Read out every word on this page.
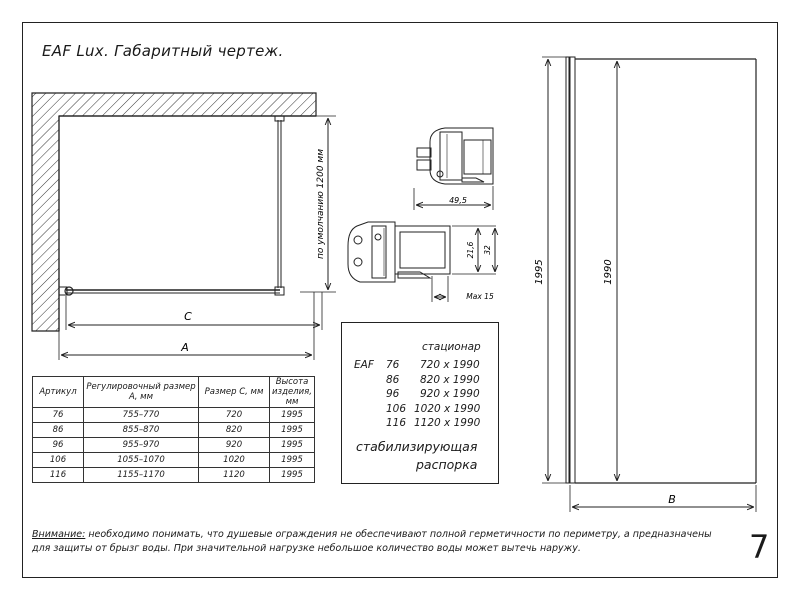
EAF Lux. Габаритный чертеж.
C
A
по умолчанию 1200 мм	49,5
21,6 32
Max 15
1995	1990
B
Артикул	Регулировочный размер А, мм	Размер C, мм	Высота изделия, мм
76	755–770	720	1995
86	855–870	820	1995
96	955–970	920	1995
106	1055–1070	1020	1995
116	1155–1170	1120	1995
стационар
EAF 76 720 x 1990
86 820 x 1990
96 920 x 1990
106 1020 x 1990
116 1120 x 1990
стабилизирующая
распорка
Внимание: необходимо понимать, что душевые ограждения не обеспечивают полной герметичности по периметру, а предназначены для защиты от брызг воды. При значительной нагрузке небольшое количество воды может вытечь наружу.	7
